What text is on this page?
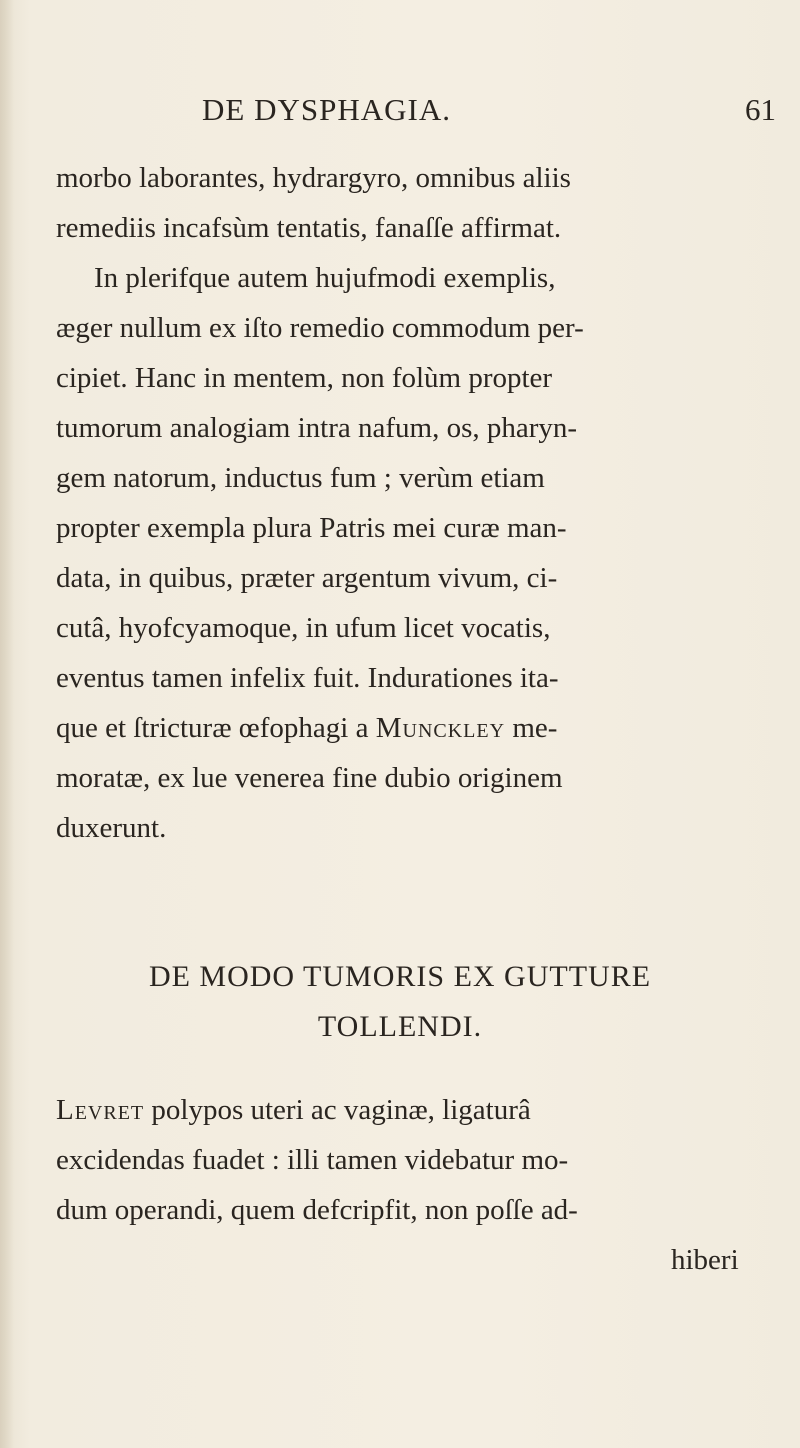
DE DYSPHAGIA.	61
morbo laborantes, hydrargyro, omnibus aliis
remediis incafsùm tentatis, fanaſſe affirmat.
In plerifque autem hujufmodi exemplis,
æger nullum ex iſto remedio commodum per-
cipiet. Hanc in mentem, non folùm propter
tumorum analogiam intra nafum, os, pharyn-
gem natorum, inductus fum ; verùm etiam
propter exempla plura Patris mei curæ man-
data, in quibus, præter argentum vivum, ci-
cutâ, hyofcyamoque, in ufum licet vocatis,
eventus tamen infelix fuit. Indurationes ita-
que et ſtricturæ œfophagi a Munckley me-
moratæ, ex lue venerea fine dubio originem
duxerunt.
DE MODO TUMORIS EX GUTTURE
TOLLENDI.
Levret polypos uteri ac vaginæ, ligaturâ
excidendas fuadet : illi tamen videbatur mo-
dum operandi, quem defcripfit, non poſſe ad-
hiberi
